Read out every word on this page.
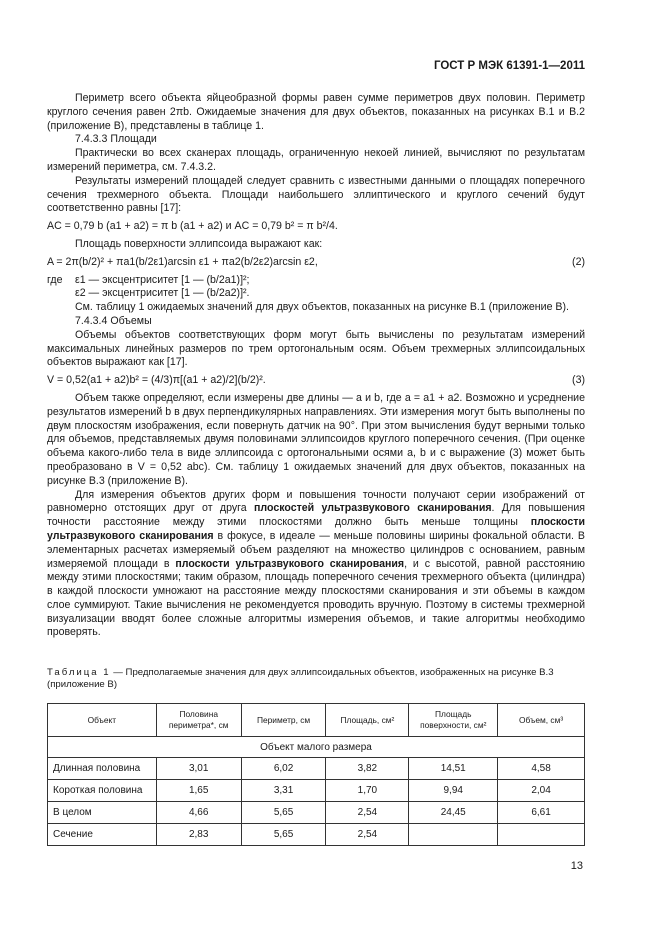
ГОСТ Р МЭК 61391-1—2011

Периметр всего объекта яйцеобразной формы равен сумме периметров двух половин. Периметр круглого сечения равен 2πb. Ожидаемые значения для двух объектов, показанных на рисунках В.1 и В.2 (приложение В), представлены в таблице 1.

7.4.3.3 Площади

Практически во всех сканерах площадь, ограниченную некоей линией, вычисляют по результатам измерений периметра, см. 7.4.3.2.

Результаты измерений площадей следует сравнить с известными данными о площадях поперечного сечения трехмерного объекта. Площади наибольшего эллиптического и круглого сечений будут соответственно равны [17]:

AC = 0,79 b (a1 + a2) = π b (a1 + a2) и AC = 0,79 b² = π b²/4.

Площадь поверхности эллипсоида выражают как:

A = 2π(b/2)² + πa1(b/2ε1)arcsin ε1 + πa2(b/2ε2)arcsin ε2,	(2)

где	ε1 — эксцентриситет [1 — (b/2a1)]²;
ε2 — эксцентриситет [1 — (b/2a2)]².

См. таблицу 1 ожидаемых значений для двух объектов, показанных на рисунке В.1 (приложение В).

7.4.3.4 Объемы

Объемы объектов соответствующих форм могут быть вычислены по результатам измерений максимальных линейных размеров по трем ортогональным осям. Объем трехмерных эллипсоидальных объектов выражают как [17].

V = 0,52(a1 + a2)b² = (4/3)π[(a1 + a2)/2](b/2)².	(3)

Объем также определяют, если измерены две длины — a и b, где a = a1 + a2. Возможно и усреднение результатов измерений b в двух перпендикулярных направлениях. Эти измерения могут быть выполнены по двум плоскостям изображения, если повернуть датчик на 90°. При этом вычисления будут верными только для объемов, представляемых двумя половинами эллипсоидов круглого поперечного сечения. (При оценке объема какого-либо тела в виде эллипсоида с ортогональными осями a, b и c выражение (3) может быть преобразовано в V = 0,52 abc). См. таблицу 1 ожидаемых значений для двух объектов, показанных на рисунке В.3 (приложение В).

Для измерения объектов других форм и повышения точности получают серии изображений от равномерно отстоящих друг от друга плоскостей ультразвукового сканирования. Для повышения точности расстояние между этими плоскостями должно быть меньше толщины плоскости ультразвукового сканирования в фокусе, в идеале — меньше половины ширины фокальной области. В элементарных расчетах измеряемый объем разделяют на множество цилиндров с основанием, равным измеряемой площади в плоскости ультразвукового сканирования, и с высотой, равной расстоянию между этими плоскостями; таким образом, площадь поперечного сечения трехмерного объекта (цилиндра) в каждой плоскости умножают на расстояние между плоскостями сканирования и эти объемы в каждом слое суммируют. Такие вычисления не рекомендуется проводить вручную. Поэтому в системы трехмерной визуализации вводят более сложные алгоритмы измерения объемов, и такие алгоритмы необходимо проверять.

Таблица 1 — Предполагаемые значения для двух эллипсоидальных объектов, изображенных на рисунке В.3 (приложение В)
Объект	Половина периметра*, см	Периметр, см	Площадь, см²	Площадь поверхности, см²	Объем, см³
Объект малого размера					
Длинная половина	3,01	6,02	3,82	14,51	4,58
Короткая половина	1,65	3,31	1,70	9,94	2,04
В целом	4,66	5,65	2,54	24,45	6,61
Сечение	2,83	5,65	2,54		
13
